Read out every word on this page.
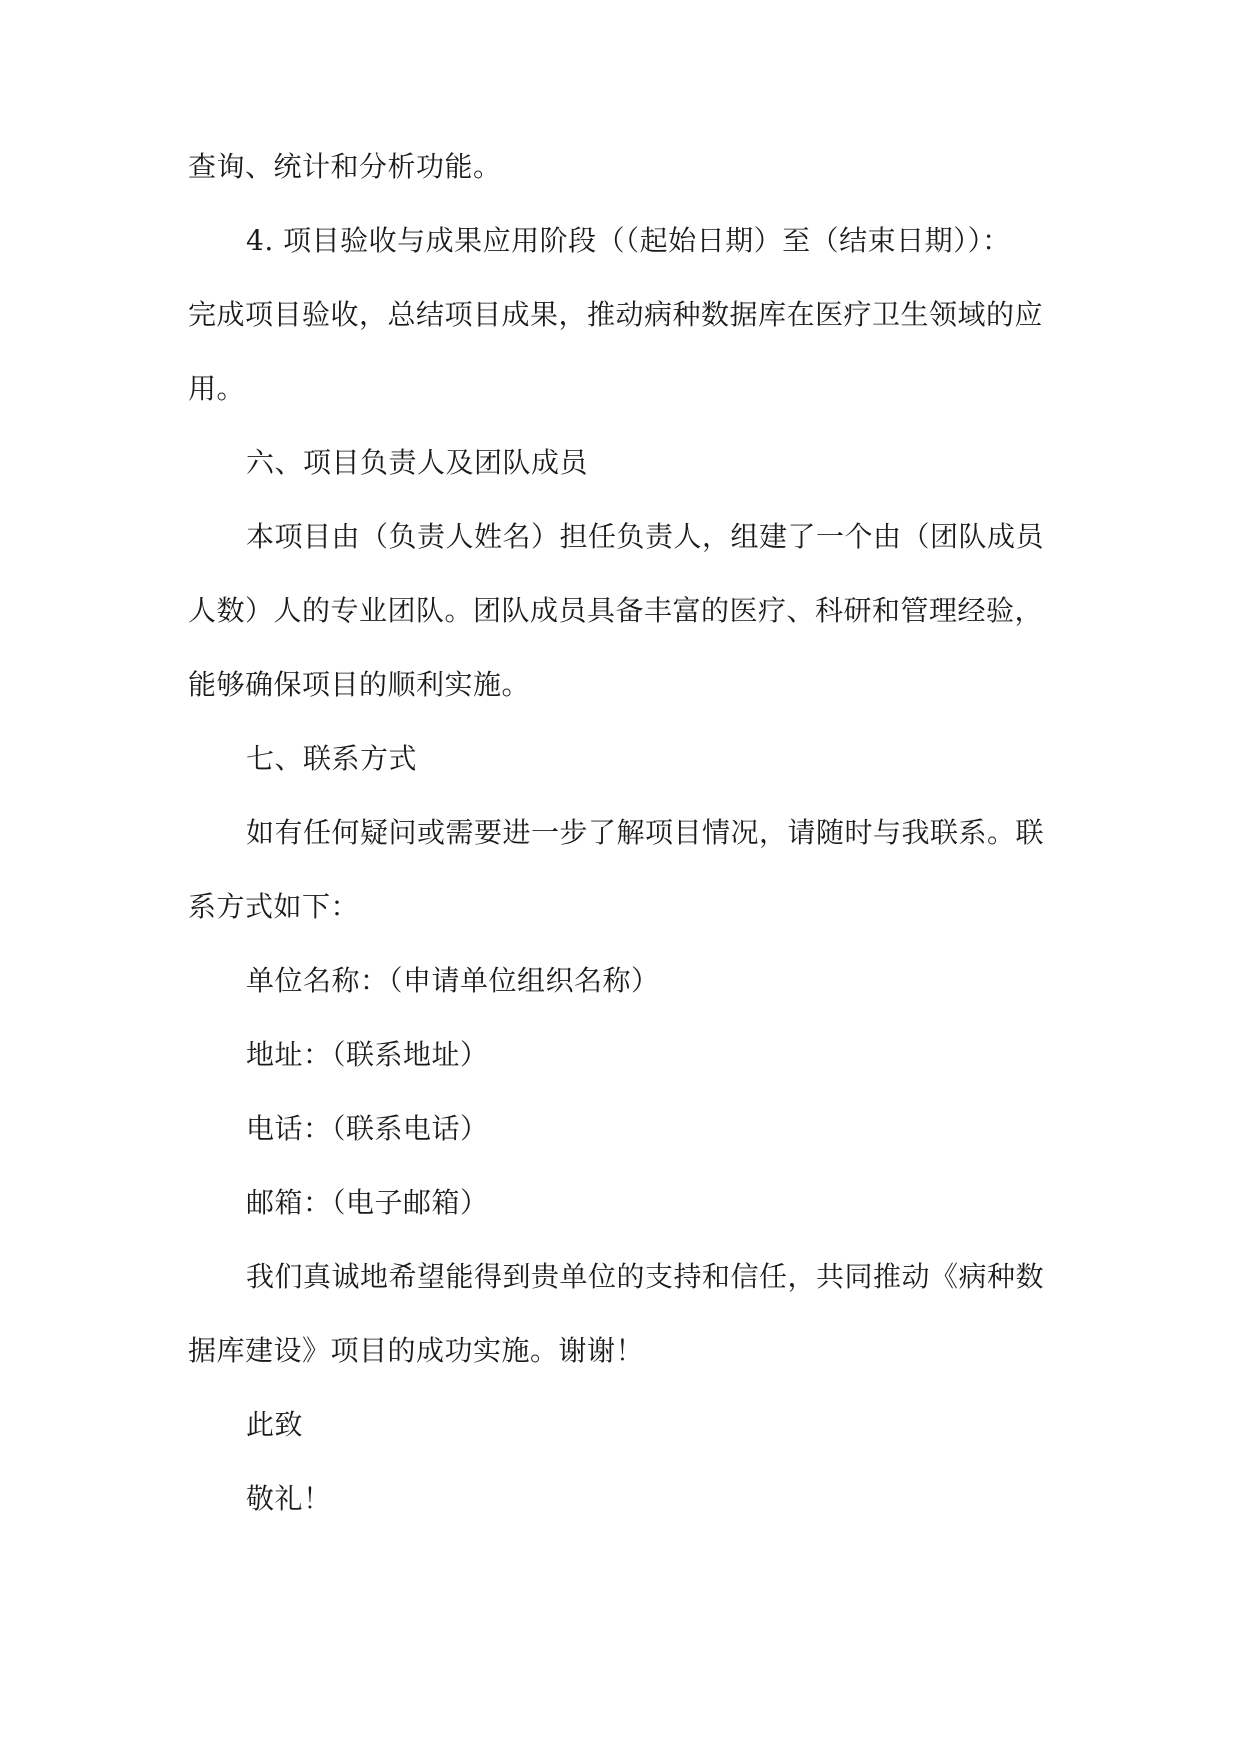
查询、统计和分析功能。
4. 项目验收与成果应用阶段（（起始日期）至（结束日期））：
完成项目验收，总结项目成果，推动病种数据库在医疗卫生领域的应
用。
六、项目负责人及团队成员
本项目由（负责人姓名）担任负责人，组建了一个由（团队成员
人数）人的专业团队。团队成员具备丰富的医疗、科研和管理经验，
能够确保项目的顺利实施。
七、联系方式
如有任何疑问或需要进一步了解项目情况，请随时与我联系。联
系方式如下：
单位名称：（申请单位组织名称）
地址：（联系地址）
电话：（联系电话）
邮箱：（电子邮箱）
我们真诚地希望能得到贵单位的支持和信任，共同推动《病种数
据库建设》项目的成功实施。谢谢！
此致
敬礼！
